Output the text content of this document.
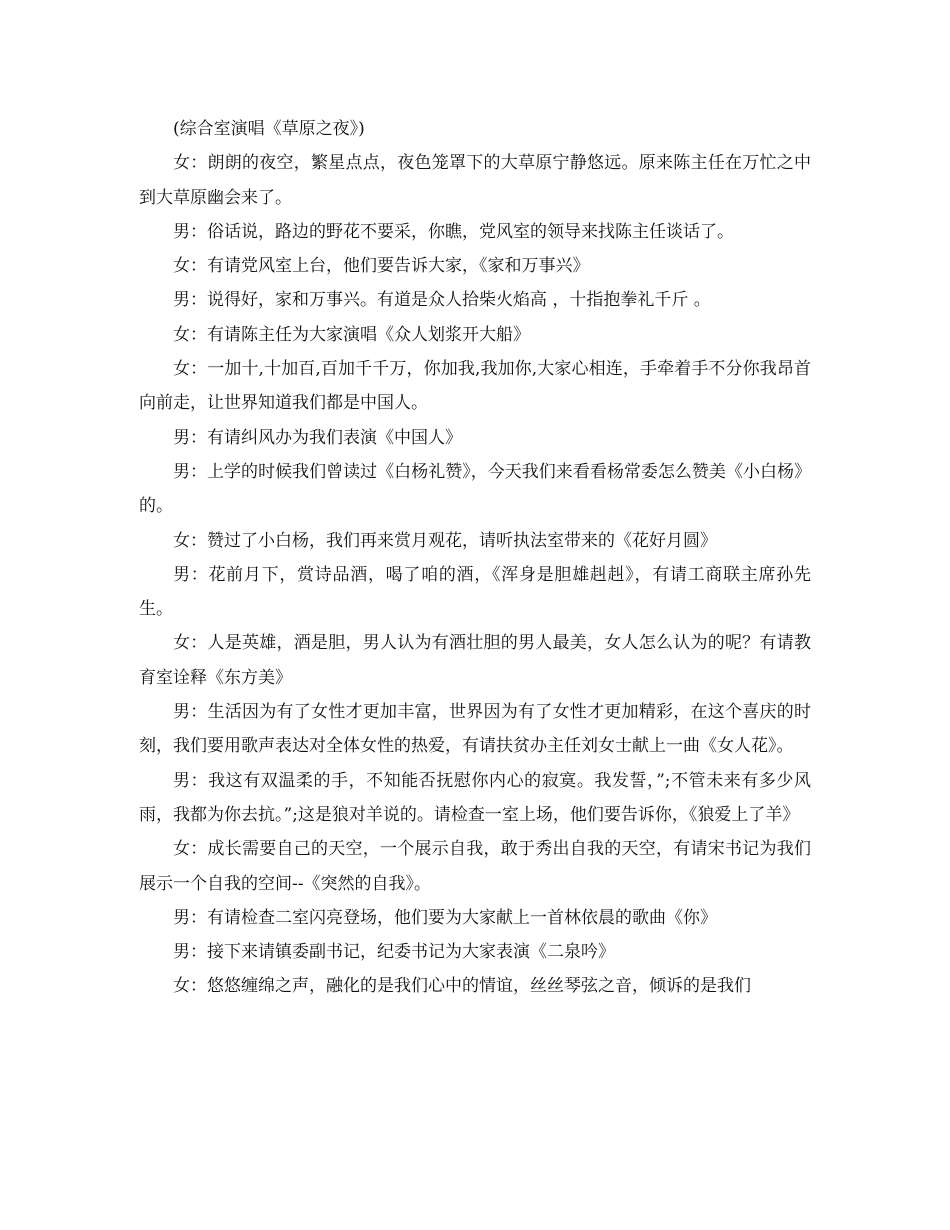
(综合室演唱《草原之夜》)

女：朗朗的夜空，繁星点点，夜色笼罩下的大草原宁静悠远。原来陈主任在万忙之中到大草原幽会来了。

男：俗话说，路边的野花不要采，你瞧，党风室的领导来找陈主任谈话了。

女：有请党风室上台，他们要告诉大家，《家和万事兴》

男：说得好，家和万事兴。有道是众人拾柴火焰高 ，十指抱拳礼千斤 。

女：有请陈主任为大家演唱《众人划浆开大船》

女：一加十,十加百,百加千千万，你加我,我加你,大家心相连，手牵着手不分你我昂首向前走，让世界知道我们都是中国人。

男：有请纠风办为我们表演《中国人》

男：上学的时候我们曾读过《白杨礼赞》，今天我们来看看杨常委怎么赞美《小白杨》的。

女：赞过了小白杨，我们再来赏月观花，请听执法室带来的《花好月圆》

男：花前月下，赏诗品酒，喝了咱的酒，《浑身是胆雄赳赳》，有请工商联主席孙先生。

女：人是英雄，酒是胆，男人认为有酒壮胆的男人最美，女人怎么认为的呢？有请教育室诠释《东方美》

男：生活因为有了女性才更加丰富，世界因为有了女性才更加精彩，在这个喜庆的时刻，我们要用歌声表达对全体女性的热爱，有请扶贫办主任刘女士献上一曲《女人花》。

男：我这有双温柔的手，不知能否抚慰你内心的寂寞。我发誓，”;不管未来有多少风雨，我都为你去抗。”;这是狼对羊说的。请检查一室上场，他们要告诉你，《狼爱上了羊》

女：成长需要自己的天空，一个展示自我，敢于秀出自我的天空，有请宋书记为我们展示一个自我的空间--《突然的自我》。

男：有请检查二室闪亮登场，他们要为大家献上一首林依晨的歌曲《你》

男：接下来请镇委副书记，纪委书记为大家表演《二泉吟》

女：悠悠缠绵之声，融化的是我们心中的情谊，丝丝琴弦之音，倾诉的是我们
